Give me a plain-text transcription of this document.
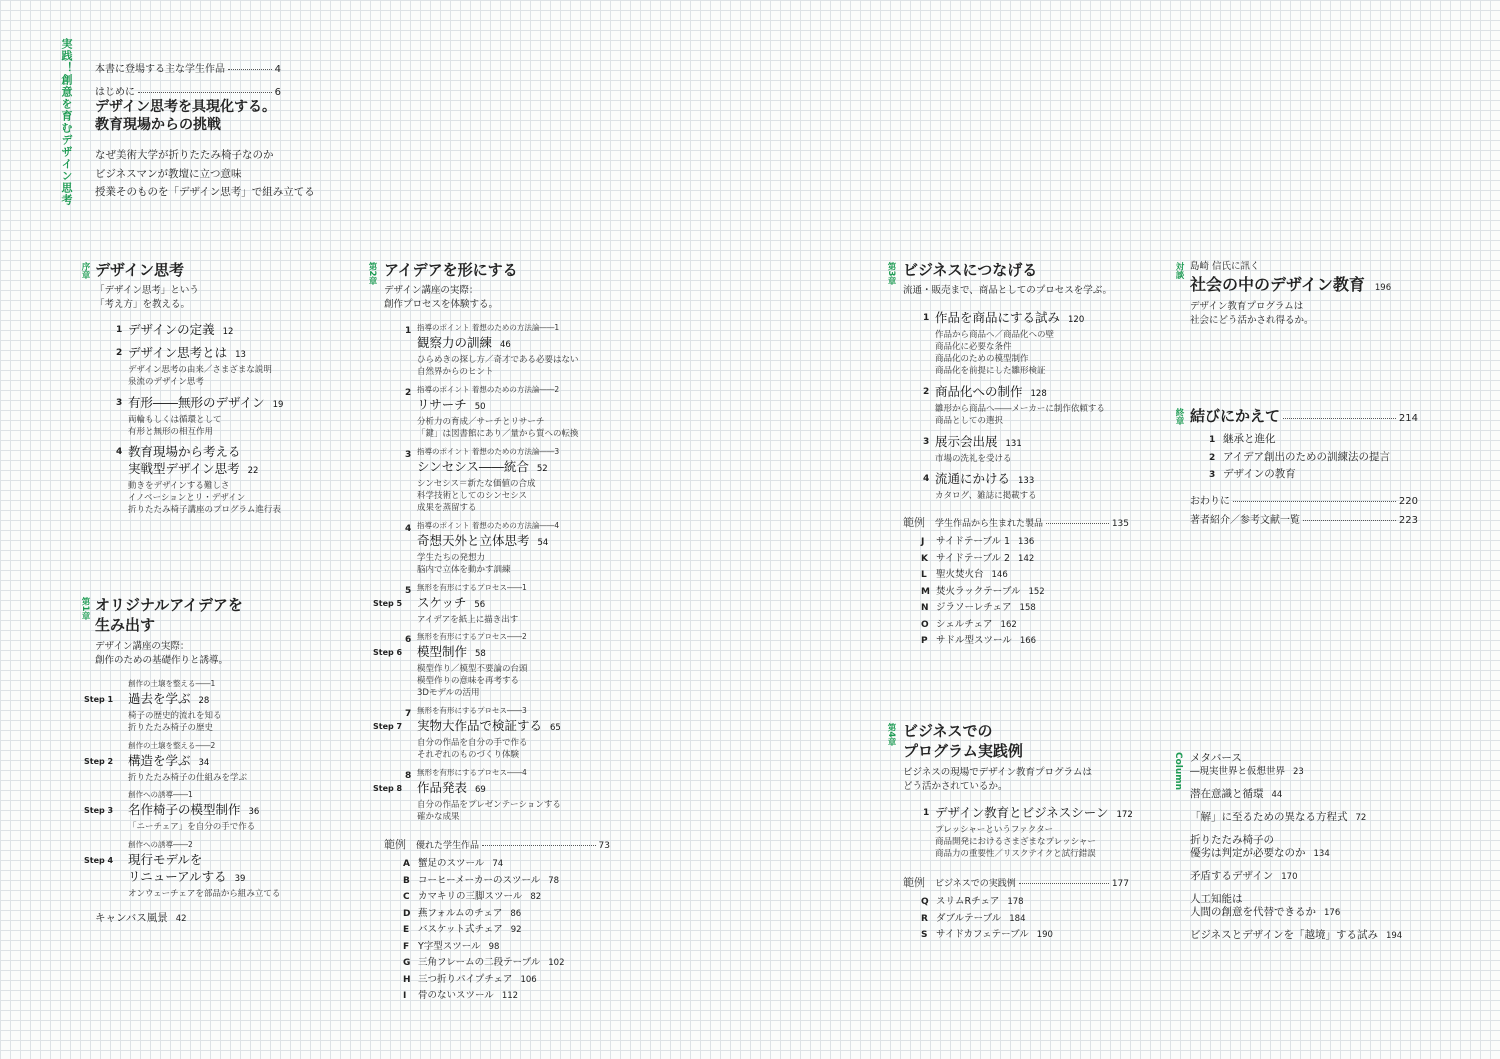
実践！創意を育むデザイン思考 本書に登場する主な学生作品	4
はじめに	6
デザイン思考を具現化する。
教育現場からの挑戦
なぜ美術大学が折りたたみ椅子なのか
ビジネスマンが教壇に立つ意味
授業そのものを「デザイン思考」で組み立てる
序章 デザイン思考
「デザイン思考」という
「考え方」を教える。
1 デザインの定義 12
2 デザイン思考とは 13
デザイン思考の由来／さまざまな説明
泉流のデザイン思考
3 有形――無形のデザイン 19
両輪もしくは循環として
有形と無形の相互作用
4 教育現場から考える
実戦型デザイン思考 22
動きをデザインする難しさ
イノベーションとリ・デザイン
折りたたみ椅子講座のプログラム進行表
第1章 オリジナルアイデアを
生み出す
デザイン講座の実際：
創作のための基礎作りと誘導。
創作の土壌を整える――1
Step 1 過去を学ぶ 28
椅子の歴史的流れを知る
折りたたみ椅子の歴史
創作の土壌を整える――2
Step 2 構造を学ぶ 34
折りたたみ椅子の仕組みを学ぶ
創作への誘導――1
Step 3 名作椅子の模型制作 36
「ニーチェア」を自分の手で作る
創作への誘導――2
Step 4 現行モデルを
リニューアルする 39
オンウェーチェアを部品から組み立てる
キャンバス風景 42
第2章 アイデアを形にする
デザイン講座の実際：
創作プロセスを体験する。
1 指導のポイント 着想のための方法論――1
観察力の訓練 46
ひらめきの探し方／奇才である必要はない
自然界からのヒント
2 指導のポイント 着想のための方法論――2
リサーチ 50
分析力の育成／サーチとリサーチ
「鍵」は図書館にあり／量から質への転換
3 指導のポイント 着想のための方法論――3
シンセシス――統合 52
シンセシス＝新たな価値の合成
科学技術としてのシンセシス
成果を蒸留する
4 指導のポイント 着想のための方法論――4
奇想天外と立体思考 54
学生たちの発想力
脳内で立体を動かす訓練
5
Step 5
無形を有形にするプロセス――1
スケッチ 56
アイデアを紙上に描き出す
6
Step 6
無形を有形にするプロセス――2
模型制作 58
模型作り／模型不要論の台頭
模型作りの意味を再考する
3Dモデルの活用
7
Step 7
無形を有形にするプロセス――3
実物大作品で検証する 65
自分の作品を自分の手で作る
それぞれのものづくり体験
8
Step 8
無形を有形にするプロセス――4
作品発表 69
自分の作品をプレゼンテーションする
確かな成果
範例 優れた学生作品	73
A 蟹足のスツール 74
B コーヒーメーカーのスツール 78
C カマキリの三脚スツール 82
D 燕フォルムのチェア 86
E バスケット式チェア 92
F Y字型スツール 98
G 三角フレームの二段テーブル 102
H 三つ折りパイプチェア 106
I 骨のないスツール 112
第3章 ビジネスにつなげる
流通・販売まで、商品としてのプロセスを学ぶ。
1 作品を商品にする試み 120
作品から商品へ／商品化への壁
商品化に必要な条件
商品化のための模型制作
商品化を前提にした雛形検証
2 商品化への制作 128
雛形から商品へ――メーカーに制作依頼する
商品としての選択
3 展示会出展 131
市場の洗礼を受ける
4 流通にかける 133
カタログ、雑誌に掲載する
範例 学生作品から生まれた製品	135
J サイドテーブル 1 136
K サイドテーブル 2 142
L 聖火焚火台 146
M 焚火ラックテーブル 152
N ジラソーレチェア 158
O シェルチェア 162
P サドル型スツール 166
第4章 ビジネスでの
プログラム実践例
ビジネスの現場でデザイン教育プログラムは
どう活かされているか。
1 デザイン教育とビジネスシーン 172
プレッシャーというファクター
商品開発におけるさまざまなプレッシャー
商品力の重要性／リスクテイクと試行錯誤
範例 ビジネスでの実践例	177
Q スリムRチェア 178
R ダブルテーブル 184
S サイドカフェテーブル 190
対談 島崎 信氏に訊く
社会の中のデザイン教育 196
デザイン教育プログラムは
社会にどう活かされ得るか。
終章 結びにかえて	214
1 継承と進化
2 アイデア創出のための訓練法の提言
3 デザインの教育
おわりに	220
著者紹介／参考文献一覧	223
Column メタバース
―現実世界と仮想世界 23
潜在意識と循環 44
「解」に至るための異なる方程式 72
折りたたみ椅子の
優劣は判定が必要なのか 134
矛盾するデザイン 170
人工知能は
人間の創意を代替できるか 176
ビジネスとデザインを「越境」する試み 194
